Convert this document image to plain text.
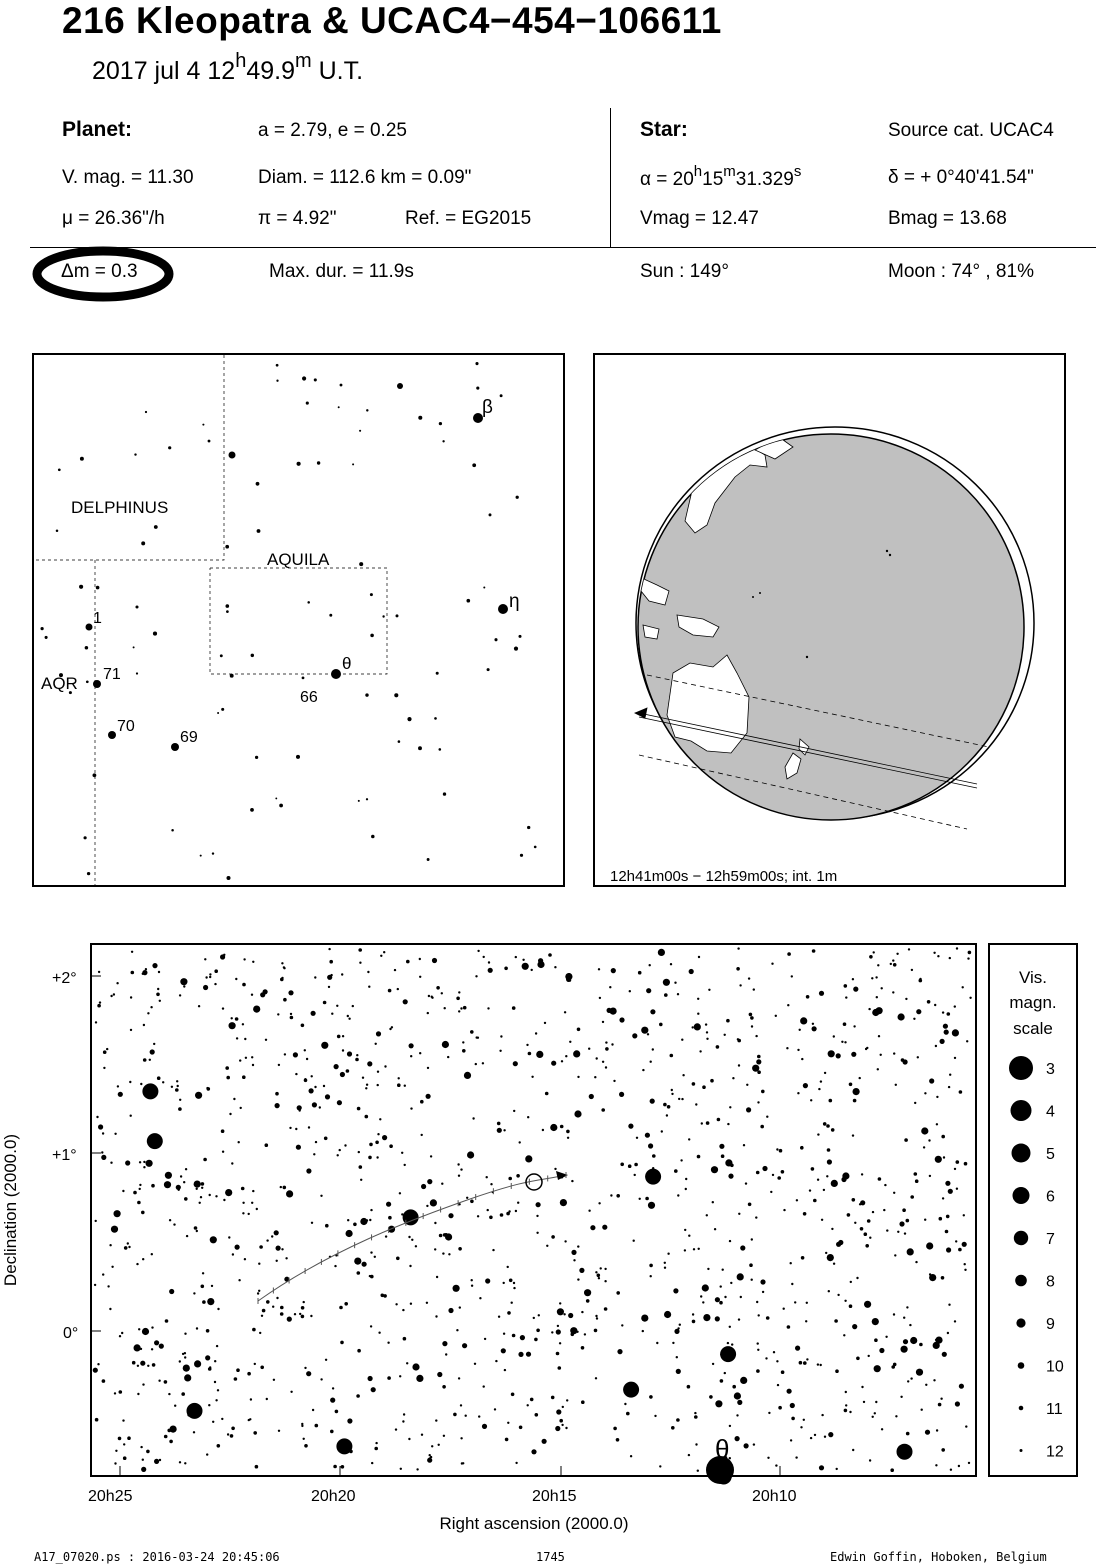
216 Kleopatra & UCAC4−454−106611
2017 jul 4 12$^h$49.9$^m$ U.T.
Planet:	a = 2.79, e = 0.25
V. mag. = 11.30	Diam. = 112.6 km = 0.09"
μ = 26.36"/h	π = 4.92"	Ref. = EG2015
Star:	Source cat. UCAC4
$\alpha = 20^h15^m31.329^s$	δ = + 0°40'41.54"
Vmag = 12.47	Bmag = 13.68
Δm = 0.3	Max. dur. = 11.9s	Sun : 149°	Moon : 74° , 81%
DELPHINUS
AQUILA
AQR
β
η
θ
1
71
70
69
66
12h41m00s − 12h59m00s; int. 1m
θ
+2°
+1°
0°
20h25	20h20	20h15	20h10
Right ascension (2000.0)
Declination (2000.0)
Vis.
magn.
scale
3
4
5
6
7
8
9
10
11
12
A17_07020.ps : 2016-03-24 20:45:06	1745	Edwin Goffin, Hoboken, Belgium
